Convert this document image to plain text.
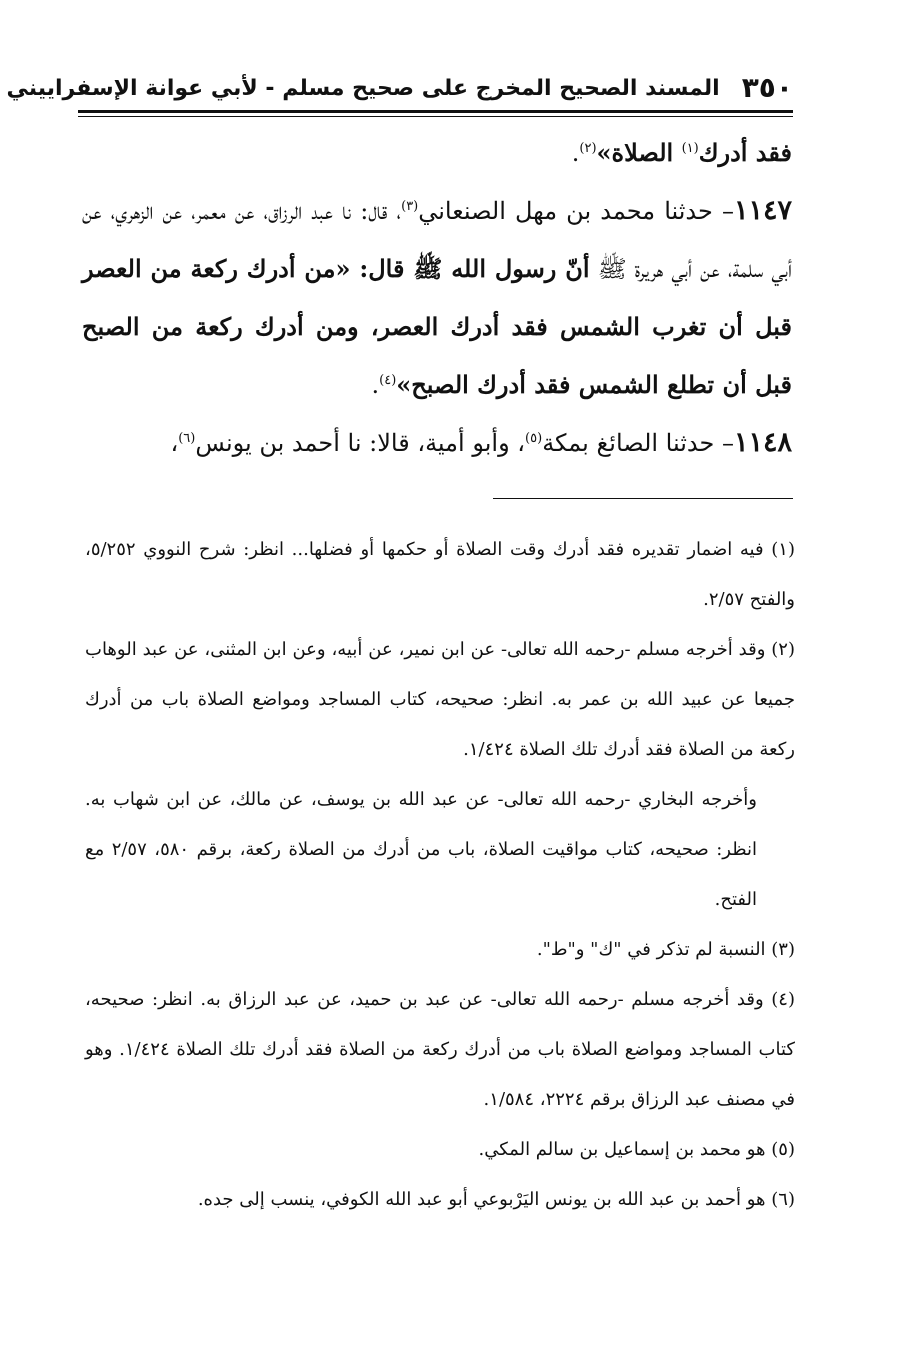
٣٥٠
المسند الصحيح المخرج على صحيح مسلم - لأبي عوانة الإسفراييني

فقد أدرك$^{(١)}$ الصلاة»$^{(٢)}$.

١١٤٧– حدثنا محمد بن مهل الصنعاني$^{(٣)}$، قال: نا عبد الرزاق، عن معمر، عن الزهري، عن أبي سلمة، عن أبي هريرة ﷺ أنّ رسول الله ﷺ قال: «من أدرك ركعة من العصر قبل أن تغرب الشمس فقد أدرك العصر، ومن أدرك ركعة من الصبح قبل أن تطلع الشمس فقد أدرك الصبح»$^{(٤)}$.

١١٤٨– حدثنا الصائغ بمكة$^{(٥)}$، وأبو أمية، قالا: نا أحمد بن يونس$^{(٦)}$،

(١) فيه اضمار تقديره فقد أدرك وقت الصلاة أو حكمها أو فضلها... انظر: شرح النووي ٥/٢٥٢، والفتح ٢/٥٧.

(٢) وقد أخرجه مسلم -رحمه الله تعالى- عن ابن نمير، عن أبيه، وعن ابن المثنى، عن عبد الوهاب جميعا عن عبيد الله بن عمر به. انظر: صحيحه، كتاب المساجد ومواضع الصلاة باب من أدرك ركعة من الصلاة فقد أدرك تلك الصلاة ١/٤٢٤.

وأخرجه البخاري -رحمه الله تعالى- عن عبد الله بن يوسف، عن مالك، عن ابن شهاب به. انظر: صحيحه، كتاب مواقيت الصلاة، باب من أدرك من الصلاة ركعة، برقم ٥٨٠، ٢/٥٧ مع الفتح.

(٣) النسبة لم تذكر في "ك" و"ط".

(٤) وقد أخرجه مسلم -رحمه الله تعالى- عن عبد بن حميد، عن عبد الرزاق به. انظر: صحيحه، كتاب المساجد ومواضع الصلاة باب من أدرك ركعة من الصلاة فقد أدرك تلك الصلاة ١/٤٢٤. وهو في مصنف عبد الرزاق برقم ٢٢٢٤، ١/٥٨٤.

(٥) هو محمد بن إسماعيل بن سالم المكي.

(٦) هو أحمد بن عبد الله بن يونس اليَرْبوعي أبو عبد الله الكوفي، ينسب إلى جده.
